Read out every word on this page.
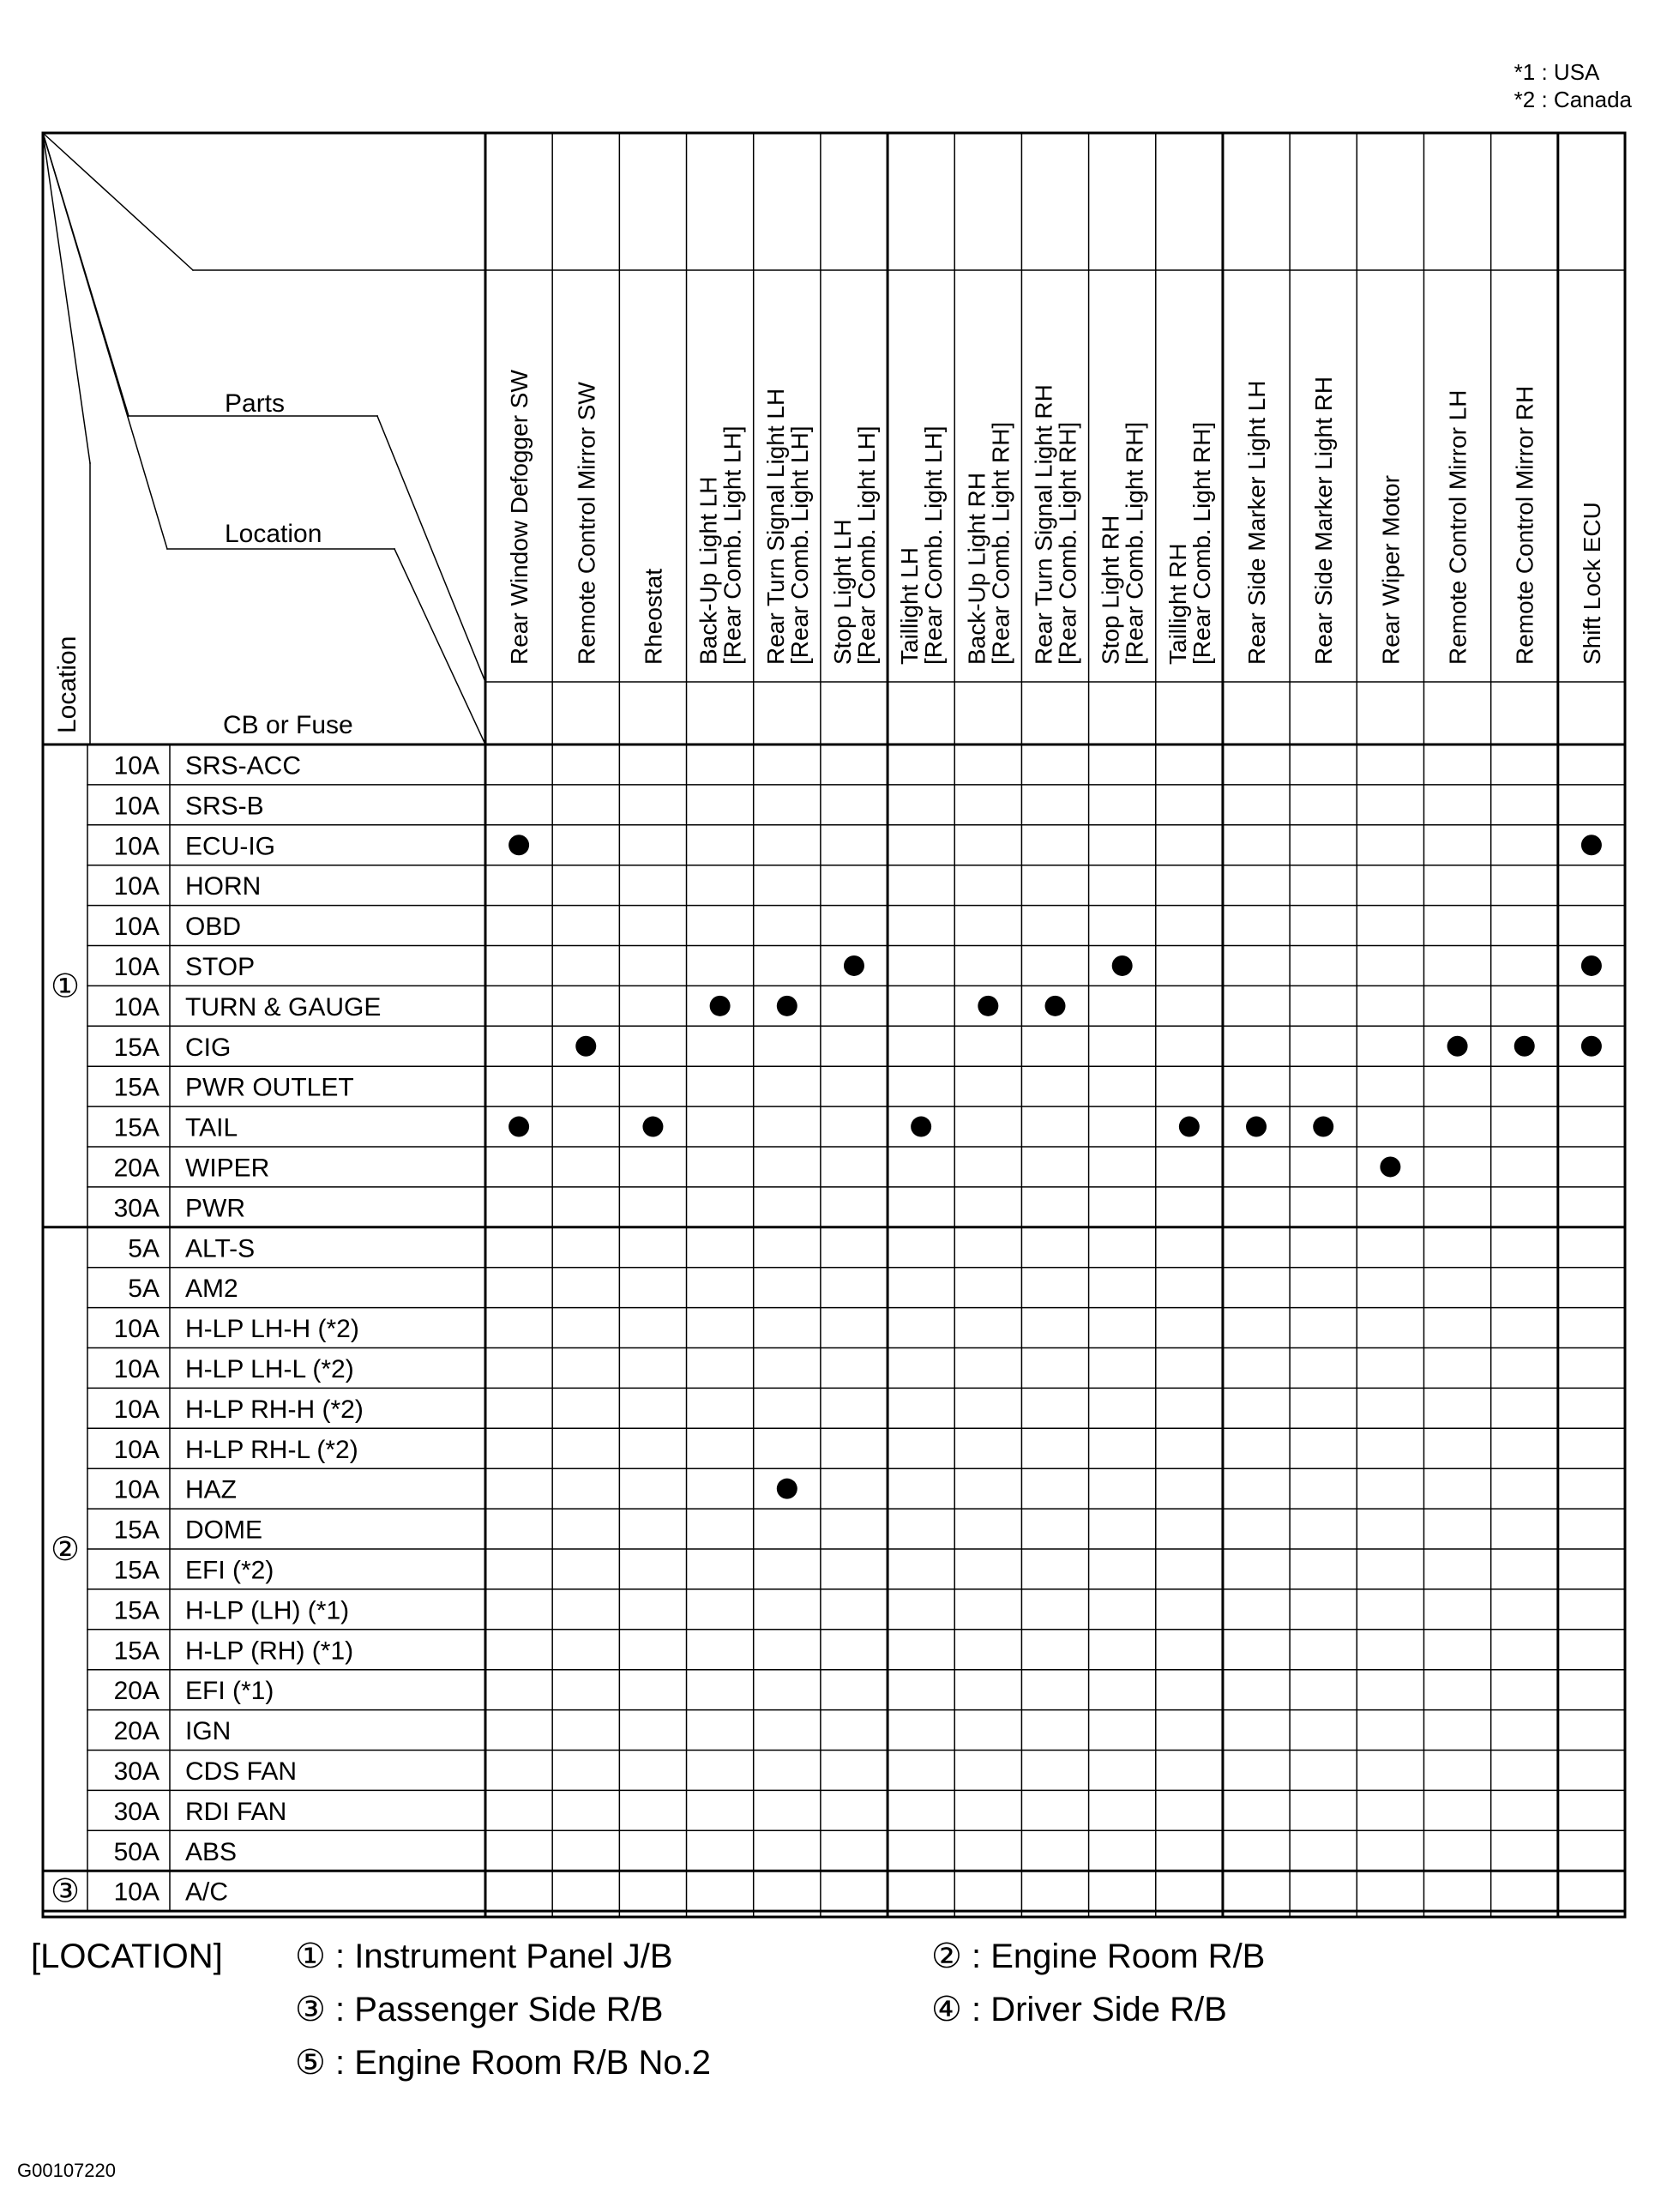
*1 : USA
*2 : Canada
Parts
Location
CB or Fuse
Location
Rear Window Defogger SW Remote Control Mirror SW Rheostat Back-Up Light LH
[Rear Comb. Light LH] Rear Turn Signal Light LH
[Rear Comb. Light LH] Stop Light LH
[Rear Comb. Light LH] Taillight LH
[Rear Comb. Light LH] Back-Up Light RH
[Rear Comb. Light RH] Rear Turn Signal Light RH
[Rear Comb. Light RH] Stop Light RH
[Rear Comb. Light RH] Taillight RH
[Rear Comb. Light RH] Rear Side Marker Light LH Rear Side Marker Light RH Rear Wiper Motor Remote Control Mirror LH Remote Control Mirror RH Shift Lock ECU
10A SRS-ACC
10A SRS-B
10A ECU-IG
10A HORN
10A OBD
10A STOP
10A TURN & GAUGE
15A CIG
15A PWR OUTLET
15A TAIL
20A WIPER
30A PWR
①
5A ALT-S
5A AM2
10A H-LP LH-H (*2)
10A H-LP LH-L (*2)
10A H-LP RH-H (*2)
10A H-LP RH-L (*2)
10A HAZ
15A DOME
15A EFI (*2)
15A H-LP (LH) (*1)
15A H-LP (RH) (*1)
20A EFI (*1)
20A IGN
30A CDS FAN
30A RDI FAN
50A ABS
②
10A A/C
③
[LOCATION] ① : Instrument Panel J/B	② : Engine Room R/B
③ : Passenger Side R/B	④ : Driver Side R/B
⑤ : Engine Room R/B No.2
G00107220
